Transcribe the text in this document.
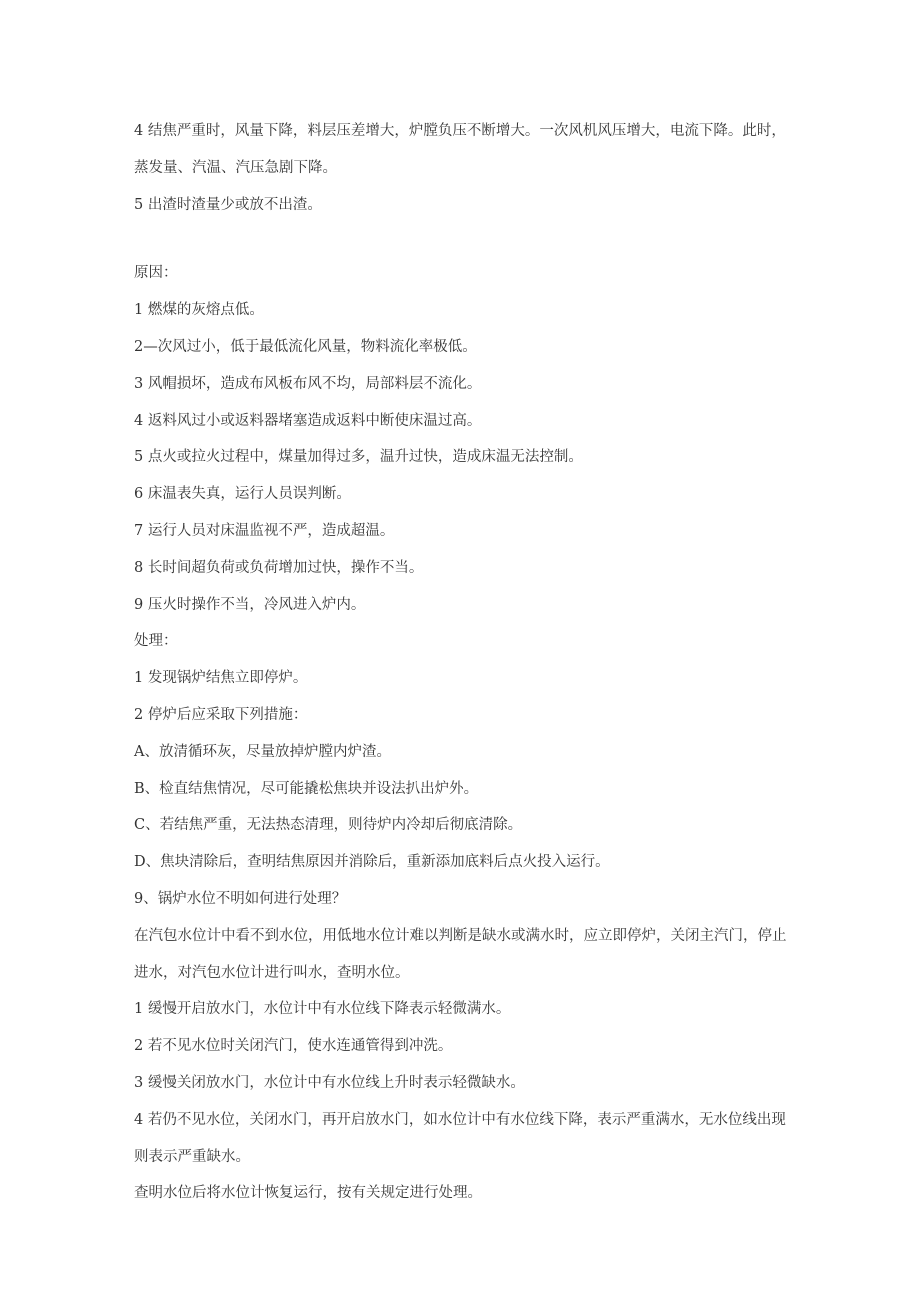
4 结焦严重时，风量下降，料层压差增大，炉膛负压不断增大。一次风机风压增大，电流下降。此时，蒸发量、汽温、汽压急剧下降。

5 出渣时渣量少或放不出渣。

原因：

1 燃煤的灰熔点低。

2—次风过小，低于最低流化风量，物料流化率极低。

3 风帽损坏，造成布风板布风不均，局部料层不流化。

4 返料风过小或返料器堵塞造成返料中断使床温过高。

5 点火或拉火过程中，煤量加得过多，温升过快，造成床温无法控制。

6 床温表失真，运行人员误判断。

7 运行人员对床温监视不严，造成超温。

8 长时间超负荷或负荷增加过快，操作不当。

9 压火时操作不当，冷风进入炉内。

处理：

1 发现锅炉结焦立即停炉。

2 停炉后应采取下列措施：

A、放清循环灰，尽量放掉炉膛内炉渣。

B、检直结焦情况，尽可能撬松焦块并设法扒出炉外。

C、若结焦严重，无法热态清理，则待炉内冷却后彻底清除。

D、焦块清除后，查明结焦原因并消除后，重新添加底料后点火投入运行。

9、锅炉水位不明如何进行处理？

在汽包水位计中看不到水位，用低地水位计难以判断是缺水或满水时，应立即停炉，关闭主汽门，停止进水，对汽包水位计进行叫水，查明水位。

1 缓慢开启放水门，水位计中有水位线下降表示轻微满水。

2 若不见水位时关闭汽门，使水连通管得到冲洗。

3 缓慢关闭放水门，水位计中有水位线上升时表示轻微缺水。

4 若仍不见水位，关闭水门，再开启放水门，如水位计中有水位线下降，表示严重满水，无水位线出现则表示严重缺水。

查明水位后将水位计恢复运行，按有关规定进行处理。
